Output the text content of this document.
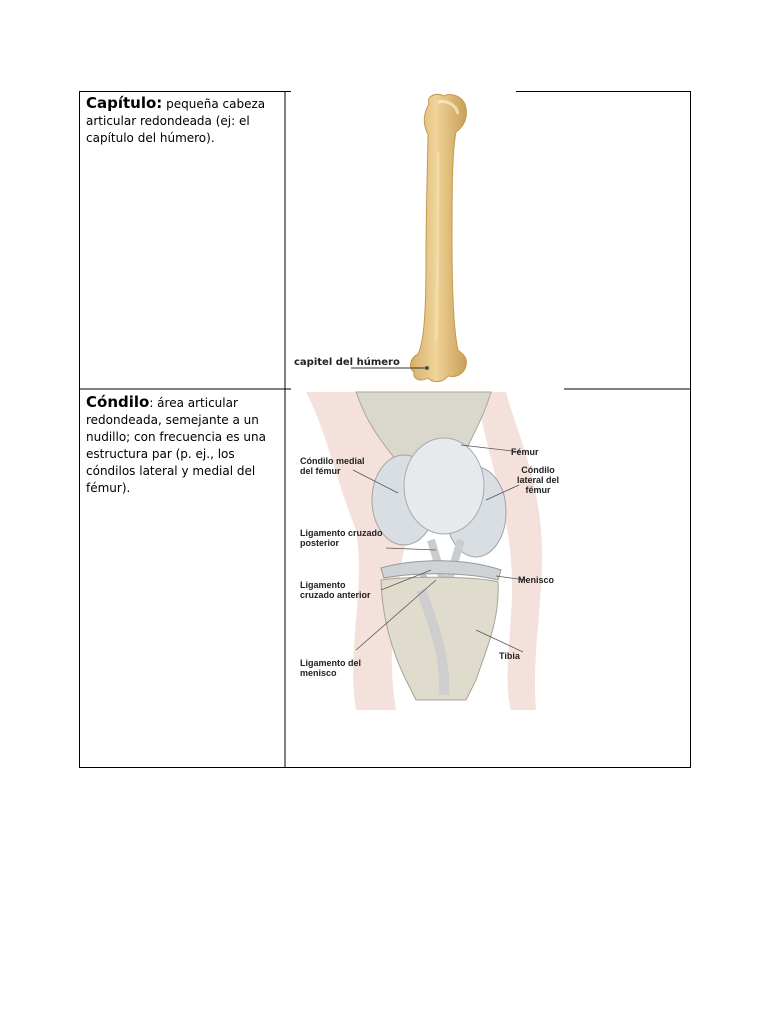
Capítulo: pequeña cabeza articular redondeada (ej: el capítulo del húmero).
capitel del húmero
Cóndilo: área articular redondeada, semejante a un nudillo; con frecuencia es una estructura par (p. ej., los cóndilos lateral y medial del fémur).
Cóndilo medial del fémur
Ligamento cruzado posterior
Ligamento cruzado anterior
Ligamento del menisco
Fémur
Cóndilo lateral del fémur
Menisco
Tibia
